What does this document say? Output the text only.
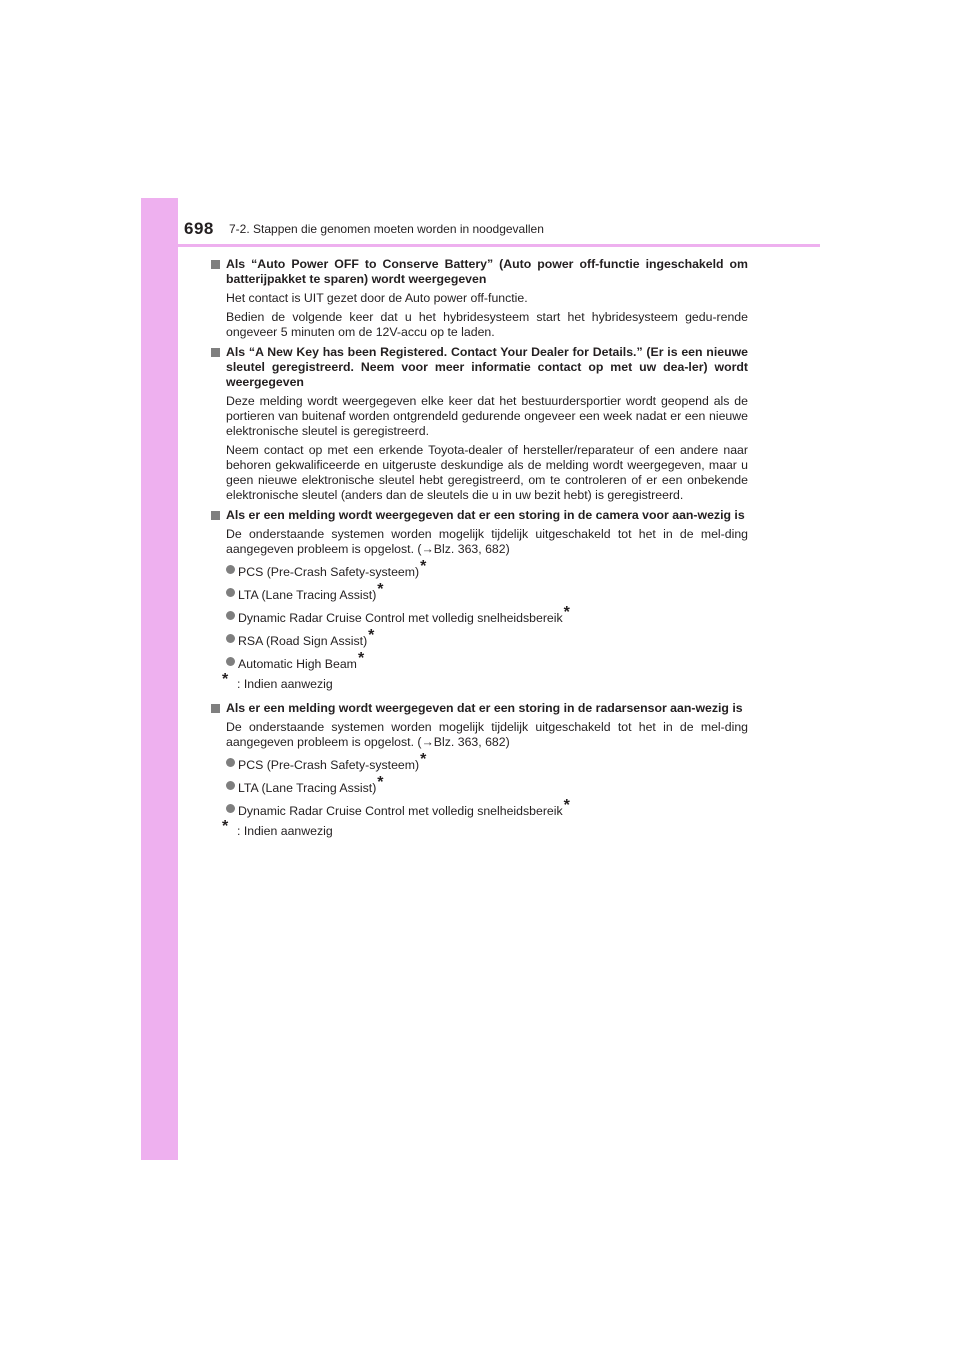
698 7-2. Stappen die genomen moeten worden in noodgevallen
Als “Auto Power OFF to Conserve Battery” (Auto power off-functie ingeschakeld om batterijpakket te sparen) wordt weergegeven
Het contact is UIT gezet door de Auto power off-functie.
Bedien de volgende keer dat u het hybridesysteem start het hybridesysteem gedu-rende ongeveer 5 minuten om de 12V-accu op te laden.
Als “A New Key has been Registered. Contact Your Dealer for Details.” (Er is een nieuwe sleutel geregistreerd. Neem voor meer informatie contact op met uw dea-ler) wordt weergegeven
Deze melding wordt weergegeven elke keer dat het bestuurdersportier wordt geopend als de portieren van buitenaf worden ontgrendeld gedurende ongeveer een week nadat er een nieuwe elektronische sleutel is geregistreerd.
Neem contact op met een erkende Toyota-dealer of hersteller/reparateur of een andere naar behoren gekwalificeerde en uitgeruste deskundige als de melding wordt weergegeven, maar u geen nieuwe elektronische sleutel hebt geregistreerd, om te controleren of er een onbekende elektronische sleutel (anders dan de sleutels die u in uw bezit hebt) is geregistreerd.
Als er een melding wordt weergegeven dat er een storing in de camera voor aan-wezig is
De onderstaande systemen worden mogelijk tijdelijk uitgeschakeld tot het in de mel-ding aangegeven probleem is opgelost. (→Blz. 363, 682)
PCS (Pre-Crash Safety-systeem)*
LTA (Lane Tracing Assist)*
Dynamic Radar Cruise Control met volledig snelheidsbereik*
RSA (Road Sign Assist)*
Automatic High Beam*
* : Indien aanwezig
Als er een melding wordt weergegeven dat er een storing in de radarsensor aan-wezig is
De onderstaande systemen worden mogelijk tijdelijk uitgeschakeld tot het in de mel-ding aangegeven probleem is opgelost. (→Blz. 363, 682)
PCS (Pre-Crash Safety-systeem)*
LTA (Lane Tracing Assist)*
Dynamic Radar Cruise Control met volledig snelheidsbereik*
* : Indien aanwezig
